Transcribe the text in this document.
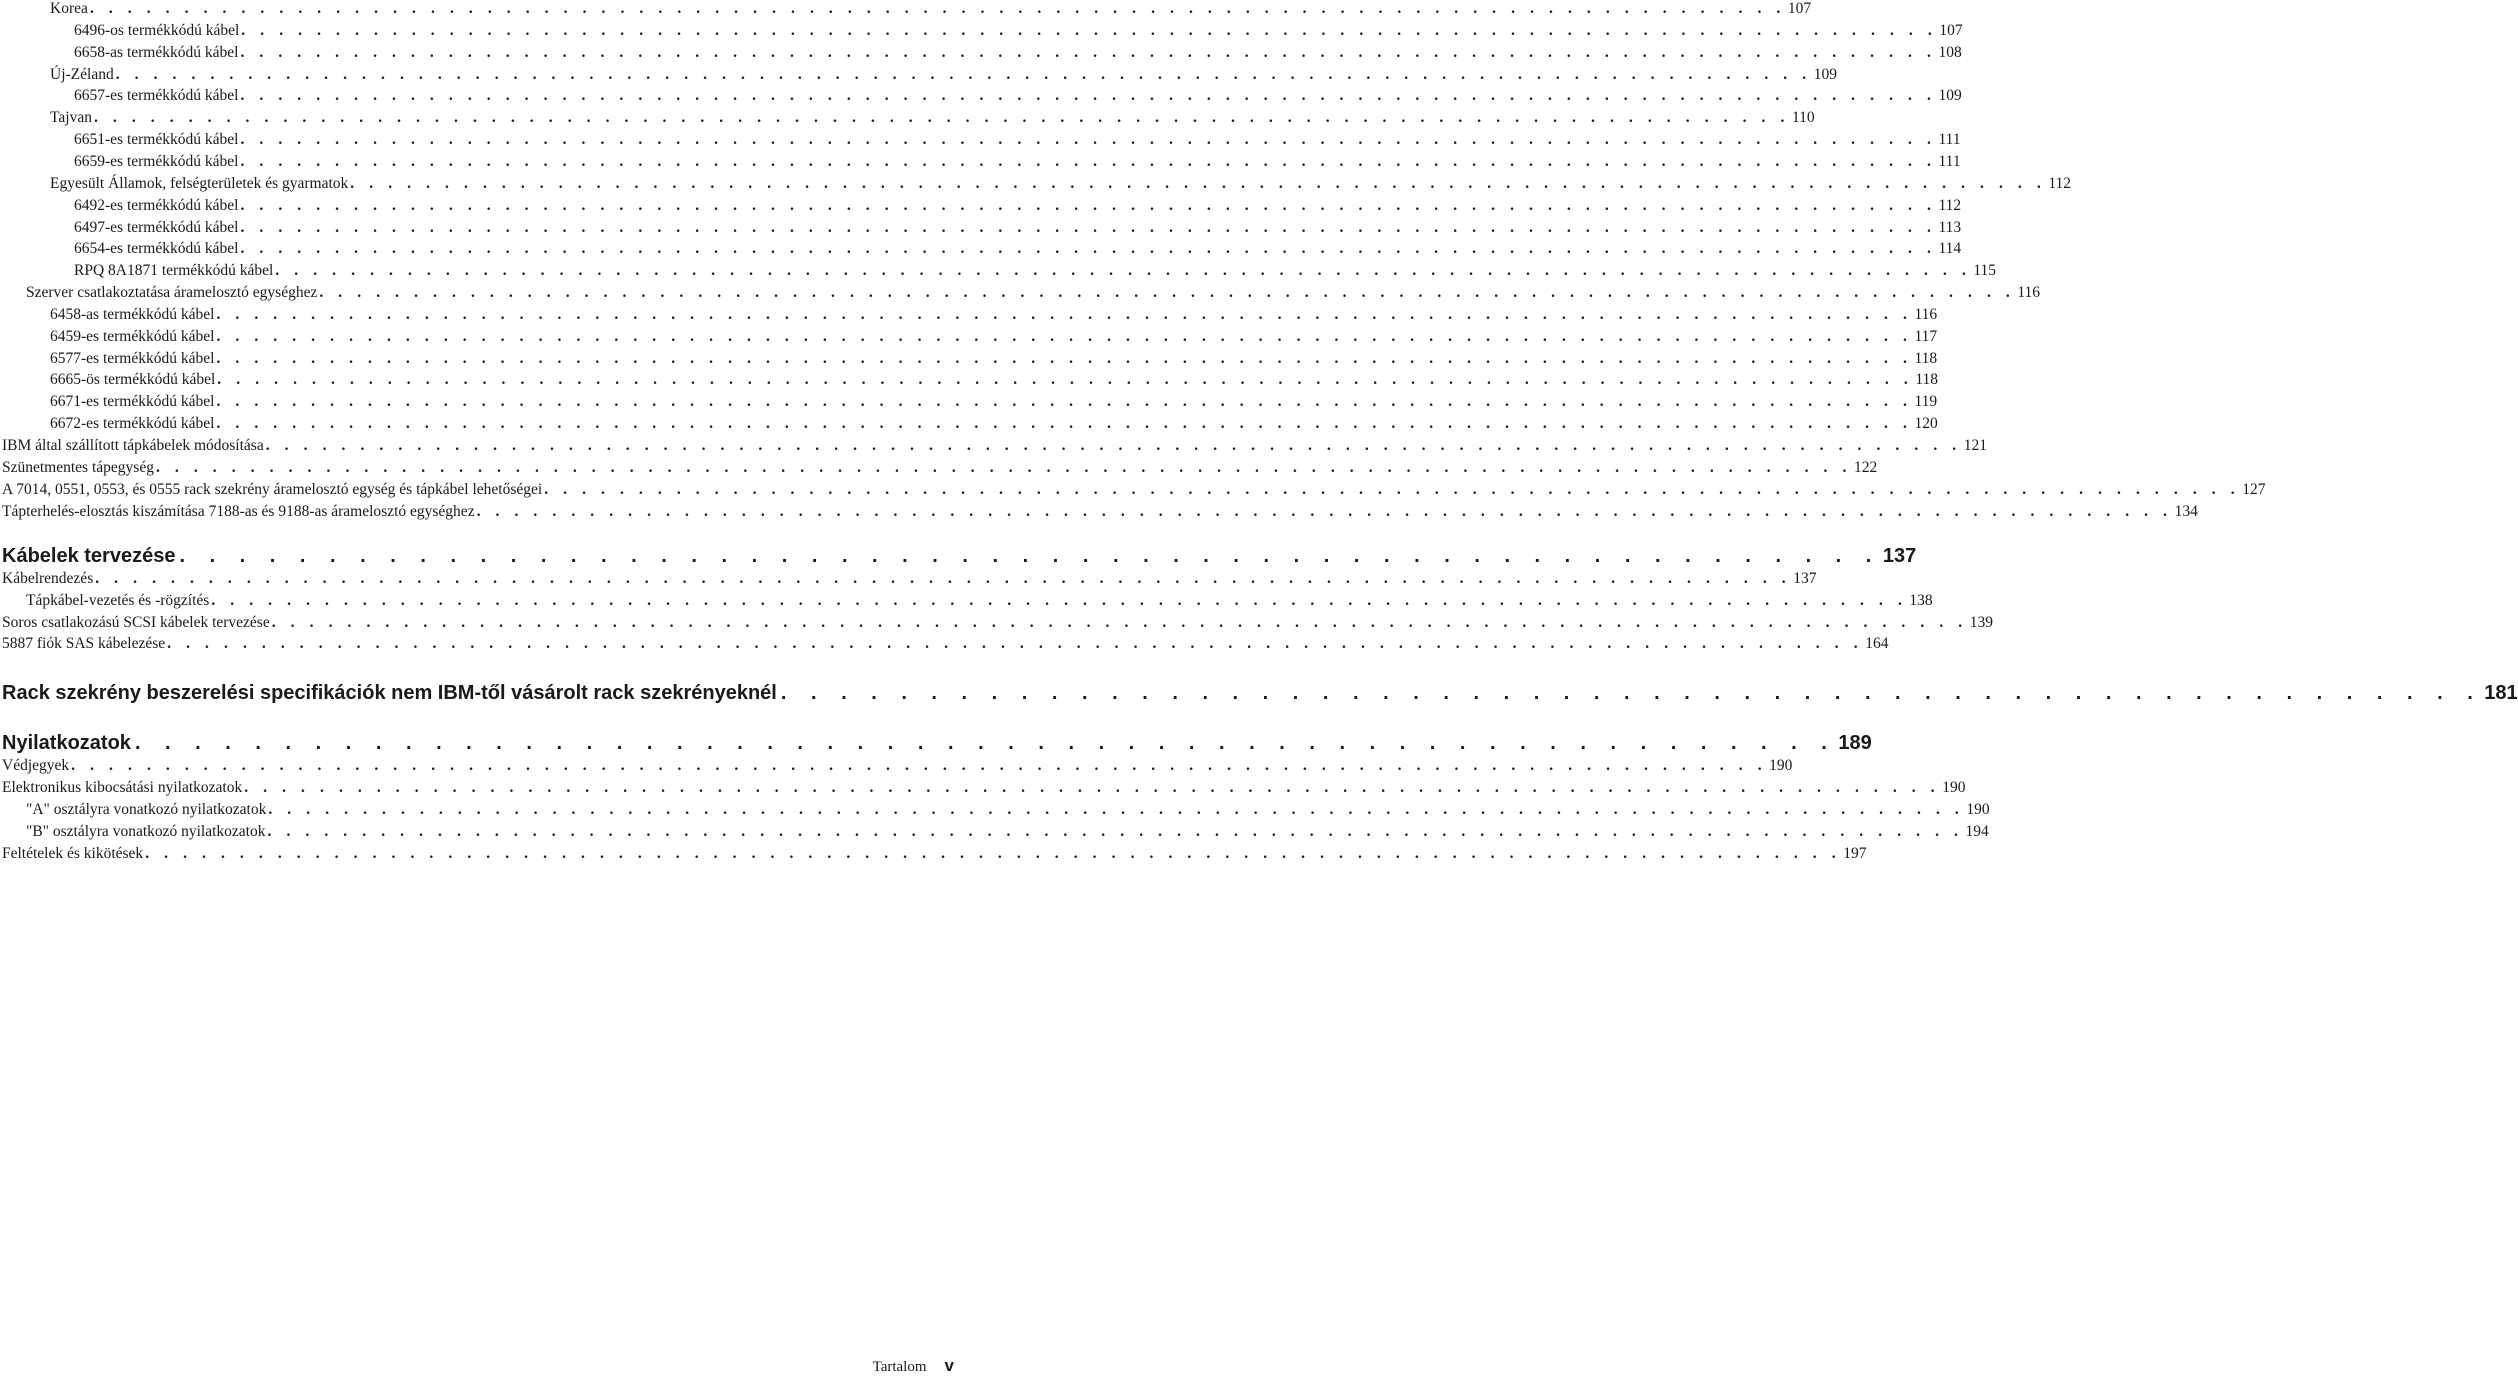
Korea . . . . . . . . . . . . . . . . . . . . . . . . . . . . . . . . . . . . . . . . . . . . . . . . . . . . . . . . . . . . . . . . . . . . . . . . . . . . . . . . . . . . . . . . . . 107
6496-os termékkódú kábel . . . . . . . . . . . . . . . . . . . . . . . . . . . . . . . . . . . . . . . . . . . . . . . . . . . . . . . . . . . . . . . . . . . . . . . . . . . . . . . . . . . . . . . . . . 107
6658-as termékkódú kábel . . . . . . . . . . . . . . . . . . . . . . . . . . . . . . . . . . . . . . . . . . . . . . . . . . . . . . . . . . . . . . . . . . . . . . . . . . . . . . . . . . . . . . . . . . 108
Új-Zéland . . . . . . . . . . . . . . . . . . . . . . . . . . . . . . . . . . . . . . . . . . . . . . . . . . . . . . . . . . . . . . . . . . . . . . . . . . . . . . . . . . . . . . . . . . 109
6657-es termékkódú kábel . . . . . . . . . . . . . . . . . . . . . . . . . . . . . . . . . . . . . . . . . . . . . . . . . . . . . . . . . . . . . . . . . . . . . . . . . . . . . . . . . . . . . . . . . . 109
Tajvan . . . . . . . . . . . . . . . . . . . . . . . . . . . . . . . . . . . . . . . . . . . . . . . . . . . . . . . . . . . . . . . . . . . . . . . . . . . . . . . . . . . . . . . . . . 110
6651-es termékkódú kábel . . . . . . . . . . . . . . . . . . . . . . . . . . . . . . . . . . . . . . . . . . . . . . . . . . . . . . . . . . . . . . . . . . . . . . . . . . . . . . . . . . . . . . . . . . 111
6659-es termékkódú kábel . . . . . . . . . . . . . . . . . . . . . . . . . . . . . . . . . . . . . . . . . . . . . . . . . . . . . . . . . . . . . . . . . . . . . . . . . . . . . . . . . . . . . . . . . . 111
Egyesült Államok, felségterületek és gyarmatok . . . . . . . . . . . . . . . . . . . . . . . . . . . . . . . . . . . . . . . . . . . . . . . . . . . . . . . . . . . . . . . . . . . . . . . . . . . . . . . . . . . . . . . . . . 112
6492-es termékkódú kábel . . . . . . . . . . . . . . . . . . . . . . . . . . . . . . . . . . . . . . . . . . . . . . . . . . . . . . . . . . . . . . . . . . . . . . . . . . . . . . . . . . . . . . . . . . 112
6497-es termékkódú kábel . . . . . . . . . . . . . . . . . . . . . . . . . . . . . . . . . . . . . . . . . . . . . . . . . . . . . . . . . . . . . . . . . . . . . . . . . . . . . . . . . . . . . . . . . . 113
6654-es termékkódú kábel . . . . . . . . . . . . . . . . . . . . . . . . . . . . . . . . . . . . . . . . . . . . . . . . . . . . . . . . . . . . . . . . . . . . . . . . . . . . . . . . . . . . . . . . . . 114
RPQ 8A1871 termékkódú kábel . . . . . . . . . . . . . . . . . . . . . . . . . . . . . . . . . . . . . . . . . . . . . . . . . . . . . . . . . . . . . . . . . . . . . . . . . . . . . . . . . . . . . . . . . . 115
Szerver csatlakoztatása áramelosztó egységhez . . . . . . . . . . . . . . . . . . . . . . . . . . . . . . . . . . . . . . . . . . . . . . . . . . . . . . . . . . . . . . . . . . . . . . . . . . . . . . . . . . . . . . . . . . 116
6458-as termékkódú kábel . . . . . . . . . . . . . . . . . . . . . . . . . . . . . . . . . . . . . . . . . . . . . . . . . . . . . . . . . . . . . . . . . . . . . . . . . . . . . . . . . . . . . . . . . . 116
6459-es termékkódú kábel . . . . . . . . . . . . . . . . . . . . . . . . . . . . . . . . . . . . . . . . . . . . . . . . . . . . . . . . . . . . . . . . . . . . . . . . . . . . . . . . . . . . . . . . . . 117
6577-es termékkódú kábel . . . . . . . . . . . . . . . . . . . . . . . . . . . . . . . . . . . . . . . . . . . . . . . . . . . . . . . . . . . . . . . . . . . . . . . . . . . . . . . . . . . . . . . . . . 118
6665-ös termékkódú kábel . . . . . . . . . . . . . . . . . . . . . . . . . . . . . . . . . . . . . . . . . . . . . . . . . . . . . . . . . . . . . . . . . . . . . . . . . . . . . . . . . . . . . . . . . . 118
6671-es termékkódú kábel . . . . . . . . . . . . . . . . . . . . . . . . . . . . . . . . . . . . . . . . . . . . . . . . . . . . . . . . . . . . . . . . . . . . . . . . . . . . . . . . . . . . . . . . . . 119
6672-es termékkódú kábel . . . . . . . . . . . . . . . . . . . . . . . . . . . . . . . . . . . . . . . . . . . . . . . . . . . . . . . . . . . . . . . . . . . . . . . . . . . . . . . . . . . . . . . . . . 120
IBM által szállított tápkábelek módosítása . . . . . . . . . . . . . . . . . . . . . . . . . . . . . . . . . . . . . . . . . . . . . . . . . . . . . . . . . . . . . . . . . . . . . . . . . . . . . . . . . . . . . . . . . . 121
Szünetmentes tápegység . . . . . . . . . . . . . . . . . . . . . . . . . . . . . . . . . . . . . . . . . . . . . . . . . . . . . . . . . . . . . . . . . . . . . . . . . . . . . . . . . . . . . . . . . . 122
A 7014, 0551, 0553, és 0555 rack szekrény áramelosztó egység és tápkábel lehetőségei . . . . . . . . . . . . . . . . . . . . . . . . . . . . . . . . . . . . . . . . . . . . . . . . . . . . . . . . . . . . . . . . . . . . . . . . . . . . . . . . . . . . . . . . . . 127
Tápterhelés-elosztás kiszámítása 7188-as és 9188-as áramelosztó egységhez . . . . . . . . . . . . . . . . . . . . . . . . . . . . . . . . . . . . . . . . . . . . . . . . . . . . . . . . . . . . . . . . . . . . . . . . . . . . . . . . . . . . . . . . . . 134
Kábelek tervezése . . . . . . . . . . . . . . . . . . . . . . . . . . . . . . . . . . . . . . . . . . . . . . . . . . . . . . . . . 137
Kábelrendezés . . . . . . . . . . . . . . . . . . . . . . . . . . . . . . . . . . . . . . . . . . . . . . . . . . . . . . . . . . . . . . . . . . . . . . . . . . . . . . . . . . . . . . . . . . 137
Tápkábel-vezetés és -rögzítés . . . . . . . . . . . . . . . . . . . . . . . . . . . . . . . . . . . . . . . . . . . . . . . . . . . . . . . . . . . . . . . . . . . . . . . . . . . . . . . . . . . . . . . . . . 138
Soros csatlakozású SCSI kábelek tervezése . . . . . . . . . . . . . . . . . . . . . . . . . . . . . . . . . . . . . . . . . . . . . . . . . . . . . . . . . . . . . . . . . . . . . . . . . . . . . . . . . . . . . . . . . . 139
5887 fiók SAS kábelezése . . . . . . . . . . . . . . . . . . . . . . . . . . . . . . . . . . . . . . . . . . . . . . . . . . . . . . . . . . . . . . . . . . . . . . . . . . . . . . . . . . . . . . . . . . 164
Rack szekrény beszerelési specifikációk nem IBM-től vásárolt rack szekrényeknél . . . . . . . . . . . . . . . . . . . . . . . . . . . . . . . . . . . . . . . . . . . . . . . . . . . . . . . . . 181
Nyilatkozatok . . . . . . . . . . . . . . . . . . . . . . . . . . . . . . . . . . . . . . . . . . . . . . . . . . . . . . . . . 189
Védjegyek . . . . . . . . . . . . . . . . . . . . . . . . . . . . . . . . . . . . . . . . . . . . . . . . . . . . . . . . . . . . . . . . . . . . . . . . . . . . . . . . . . . . . . . . . . 190
Elektronikus kibocsátási nyilatkozatok . . . . . . . . . . . . . . . . . . . . . . . . . . . . . . . . . . . . . . . . . . . . . . . . . . . . . . . . . . . . . . . . . . . . . . . . . . . . . . . . . . . . . . . . . . 190
"A" osztályra vonatkozó nyilatkozatok . . . . . . . . . . . . . . . . . . . . . . . . . . . . . . . . . . . . . . . . . . . . . . . . . . . . . . . . . . . . . . . . . . . . . . . . . . . . . . . . . . . . . . . . . . 190
"B" osztályra vonatkozó nyilatkozatok . . . . . . . . . . . . . . . . . . . . . . . . . . . . . . . . . . . . . . . . . . . . . . . . . . . . . . . . . . . . . . . . . . . . . . . . . . . . . . . . . . . . . . . . . . 194
Feltételek és kikötések . . . . . . . . . . . . . . . . . . . . . . . . . . . . . . . . . . . . . . . . . . . . . . . . . . . . . . . . . . . . . . . . . . . . . . . . . . . . . . . . . . . . . . . . . . 197
Tartalom v
